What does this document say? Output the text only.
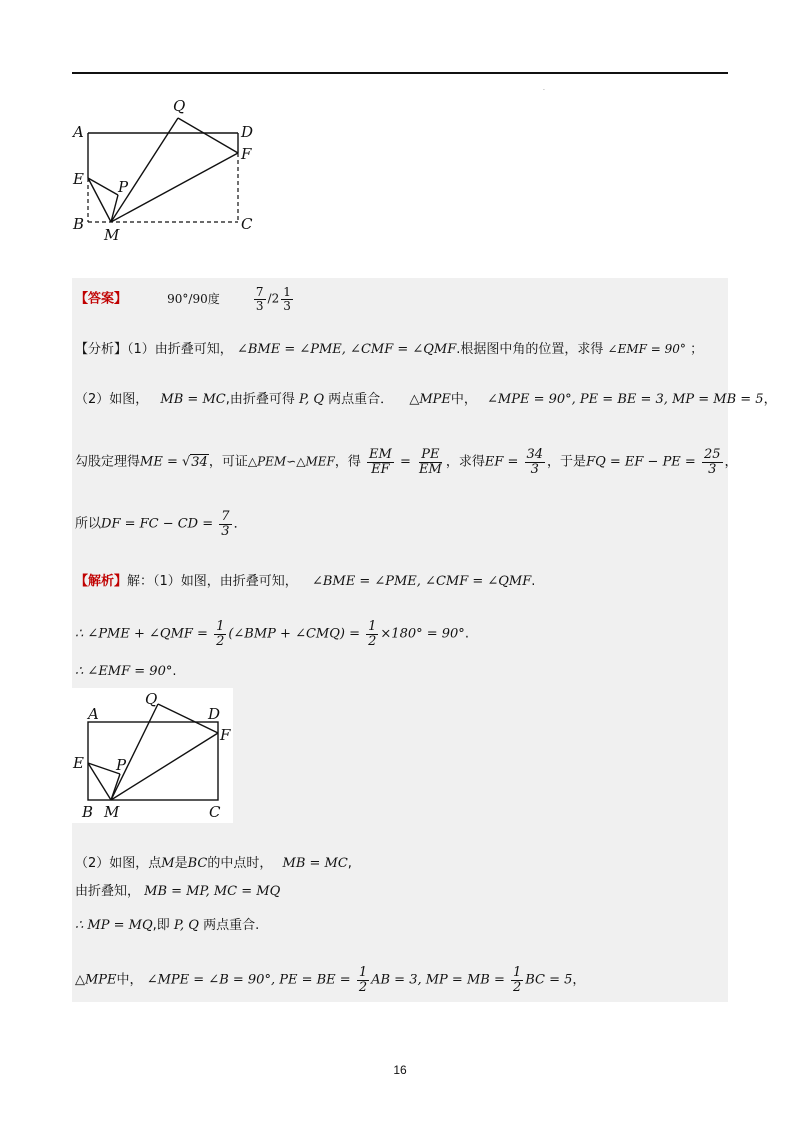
·
A	D
F
E
B	C
M
P
Q
【答案】	90°/90度	$\frac{7}{3} /2 \frac{1}{3}$
【分析】（1）由折叠可知， ∠BME = ∠PME, ∠CMF = ∠QMF.根据图中角的位置，求得 ∠EMF = 90° ；
（2）如图， MB = MC,由折叠可得 P, Q 两点重合． △MPE中， ∠MPE = 90°, PE = BE = 3, MP = MB = 5，
勾股定理得ME = √34，可证△PEM∽△MEF，得 $\frac{EM}{EF} = \frac{PE}{EM}$ ，求得EF = $\frac{34}{3}$ ，于是FQ = EF − PE = $\frac{25}{3}$ ，
所以DF = FC − CD = $\frac{7}{3}$ ．
【解析】解：（1）如图，由折叠可知， ∠BME = ∠PME, ∠CMF = ∠QMF.
∴ ∠PME + ∠QMF = $\frac{1}{2}$ (∠BMP + ∠CMQ) = $\frac{1}{2} \times 180^\circ = 90^\circ$.
∴ ∠EMF = 90°.
A	D
F
E
B	C
M
P
Q
（2）如图，点M是BC的中点时， MB = MC,
由折叠知， MB = MP, MC = MQ
∴ MP = MQ,即 P, Q 两点重合.
△MPE中， ∠MPE = ∠B = 90°, PE = BE = $\frac{1}{2}$ AB = 3, MP = MB = $\frac{1}{2}$ BC = 5，
16
